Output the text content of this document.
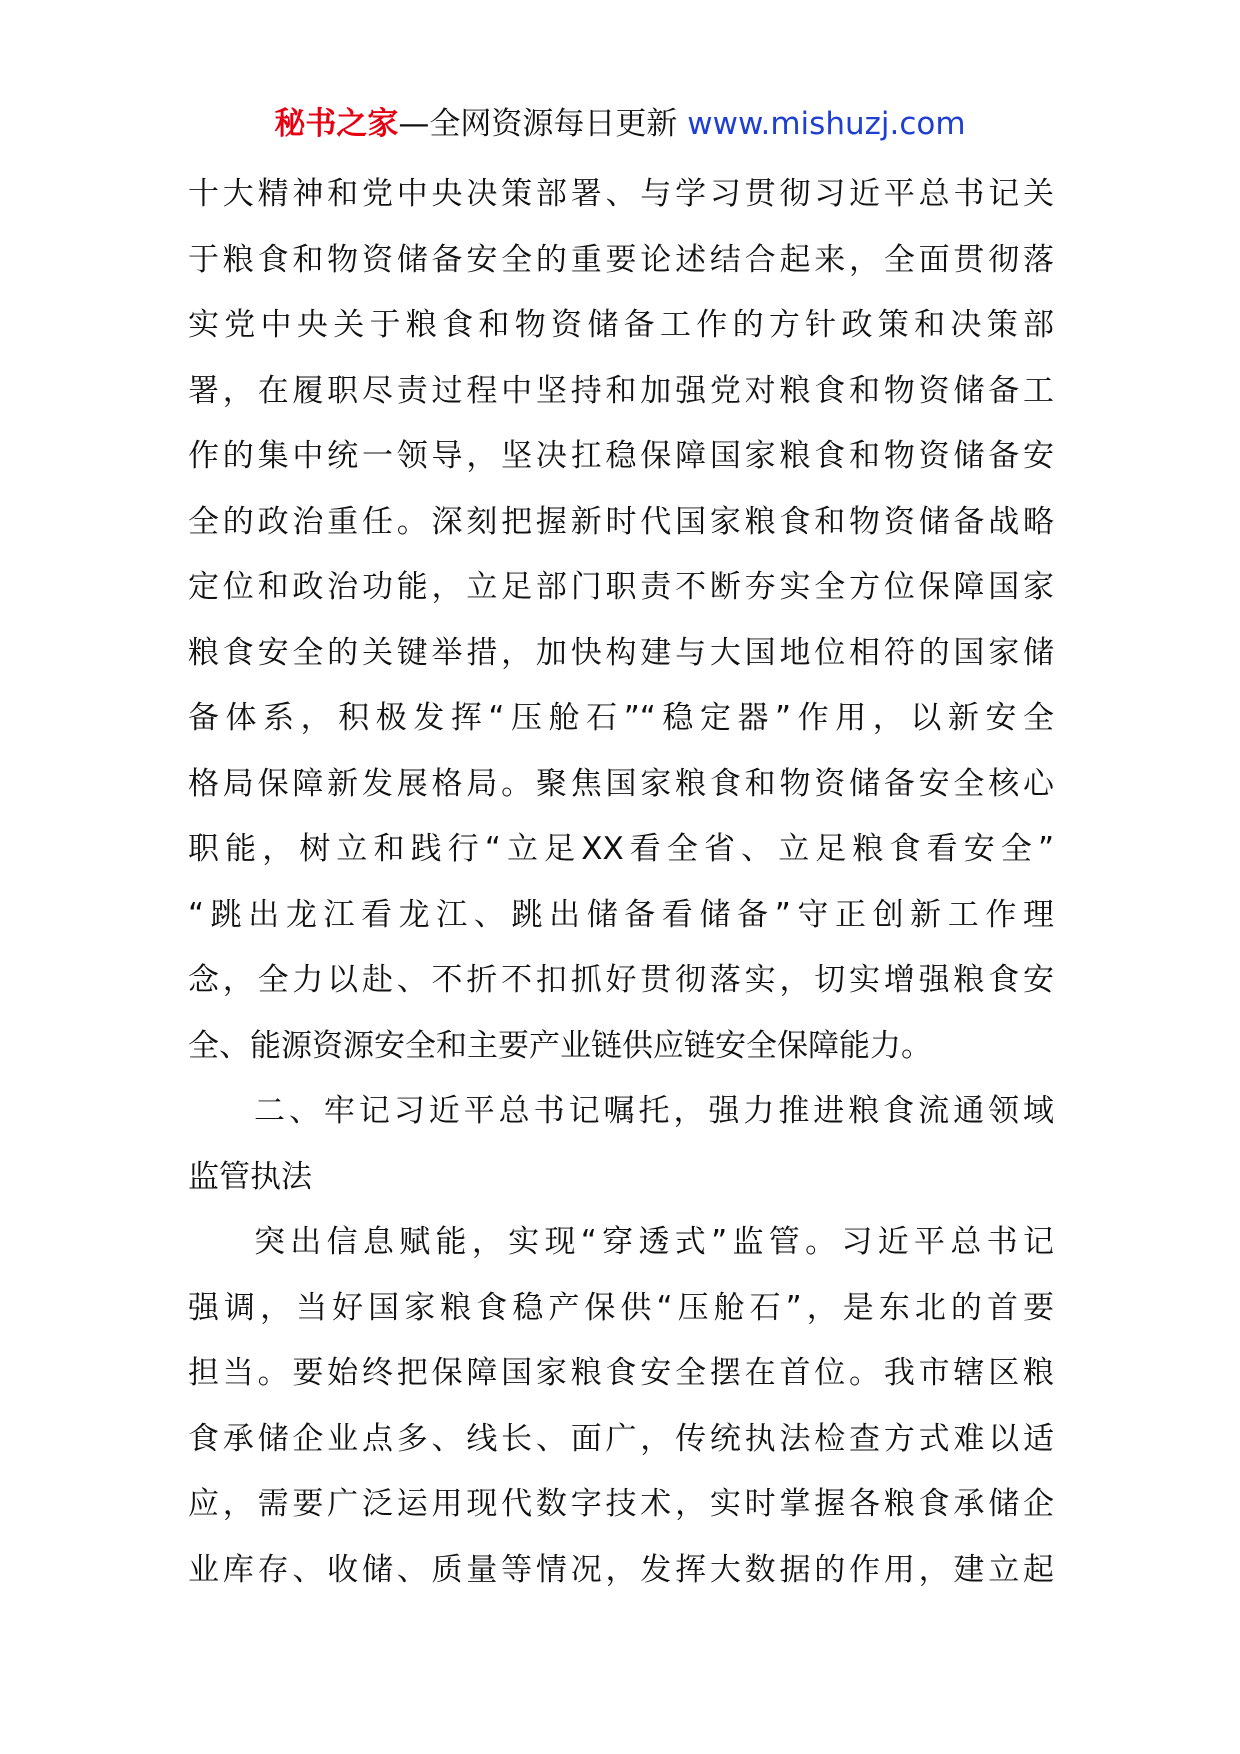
秘书之家—全网资源每日更新 www.mishuzj.com
十大精神和党中央决策部署、与学习贯彻习近平总书记关
于粮食和物资储备安全的重要论述结合起来，全面贯彻落
实党中央关于粮食和物资储备工作的方针政策和决策部
署，在履职尽责过程中坚持和加强党对粮食和物资储备工
作的集中统一领导，坚决扛稳保障国家粮食和物资储备安
全的政治重任。深刻把握新时代国家粮食和物资储备战略
定位和政治功能，立足部门职责不断夯实全方位保障国家
粮食安全的关键举措，加快构建与大国地位相符的国家储
备体系，积极发挥“压舱石”“稳定器”作用，以新安全
格局保障新发展格局。聚焦国家粮食和物资储备安全核心
职能，树立和践行“立足XX看全省、立足粮食看安全”
“跳出龙江看龙江、跳出储备看储备”守正创新工作理
念，全力以赴、不折不扣抓好贯彻落实，切实增强粮食安
全、能源资源安全和主要产业链供应链安全保障能力。
二、牢记习近平总书记嘱托，强力推进粮食流通领域
监管执法
突出信息赋能，实现“穿透式”监管。习近平总书记
强调，当好国家粮食稳产保供“压舱石”，是东北的首要
担当。要始终把保障国家粮食安全摆在首位。我市辖区粮
食承储企业点多、线长、面广，传统执法检查方式难以适
应，需要广泛运用现代数字技术，实时掌握各粮食承储企
业库存、收储、质量等情况，发挥大数据的作用，建立起
